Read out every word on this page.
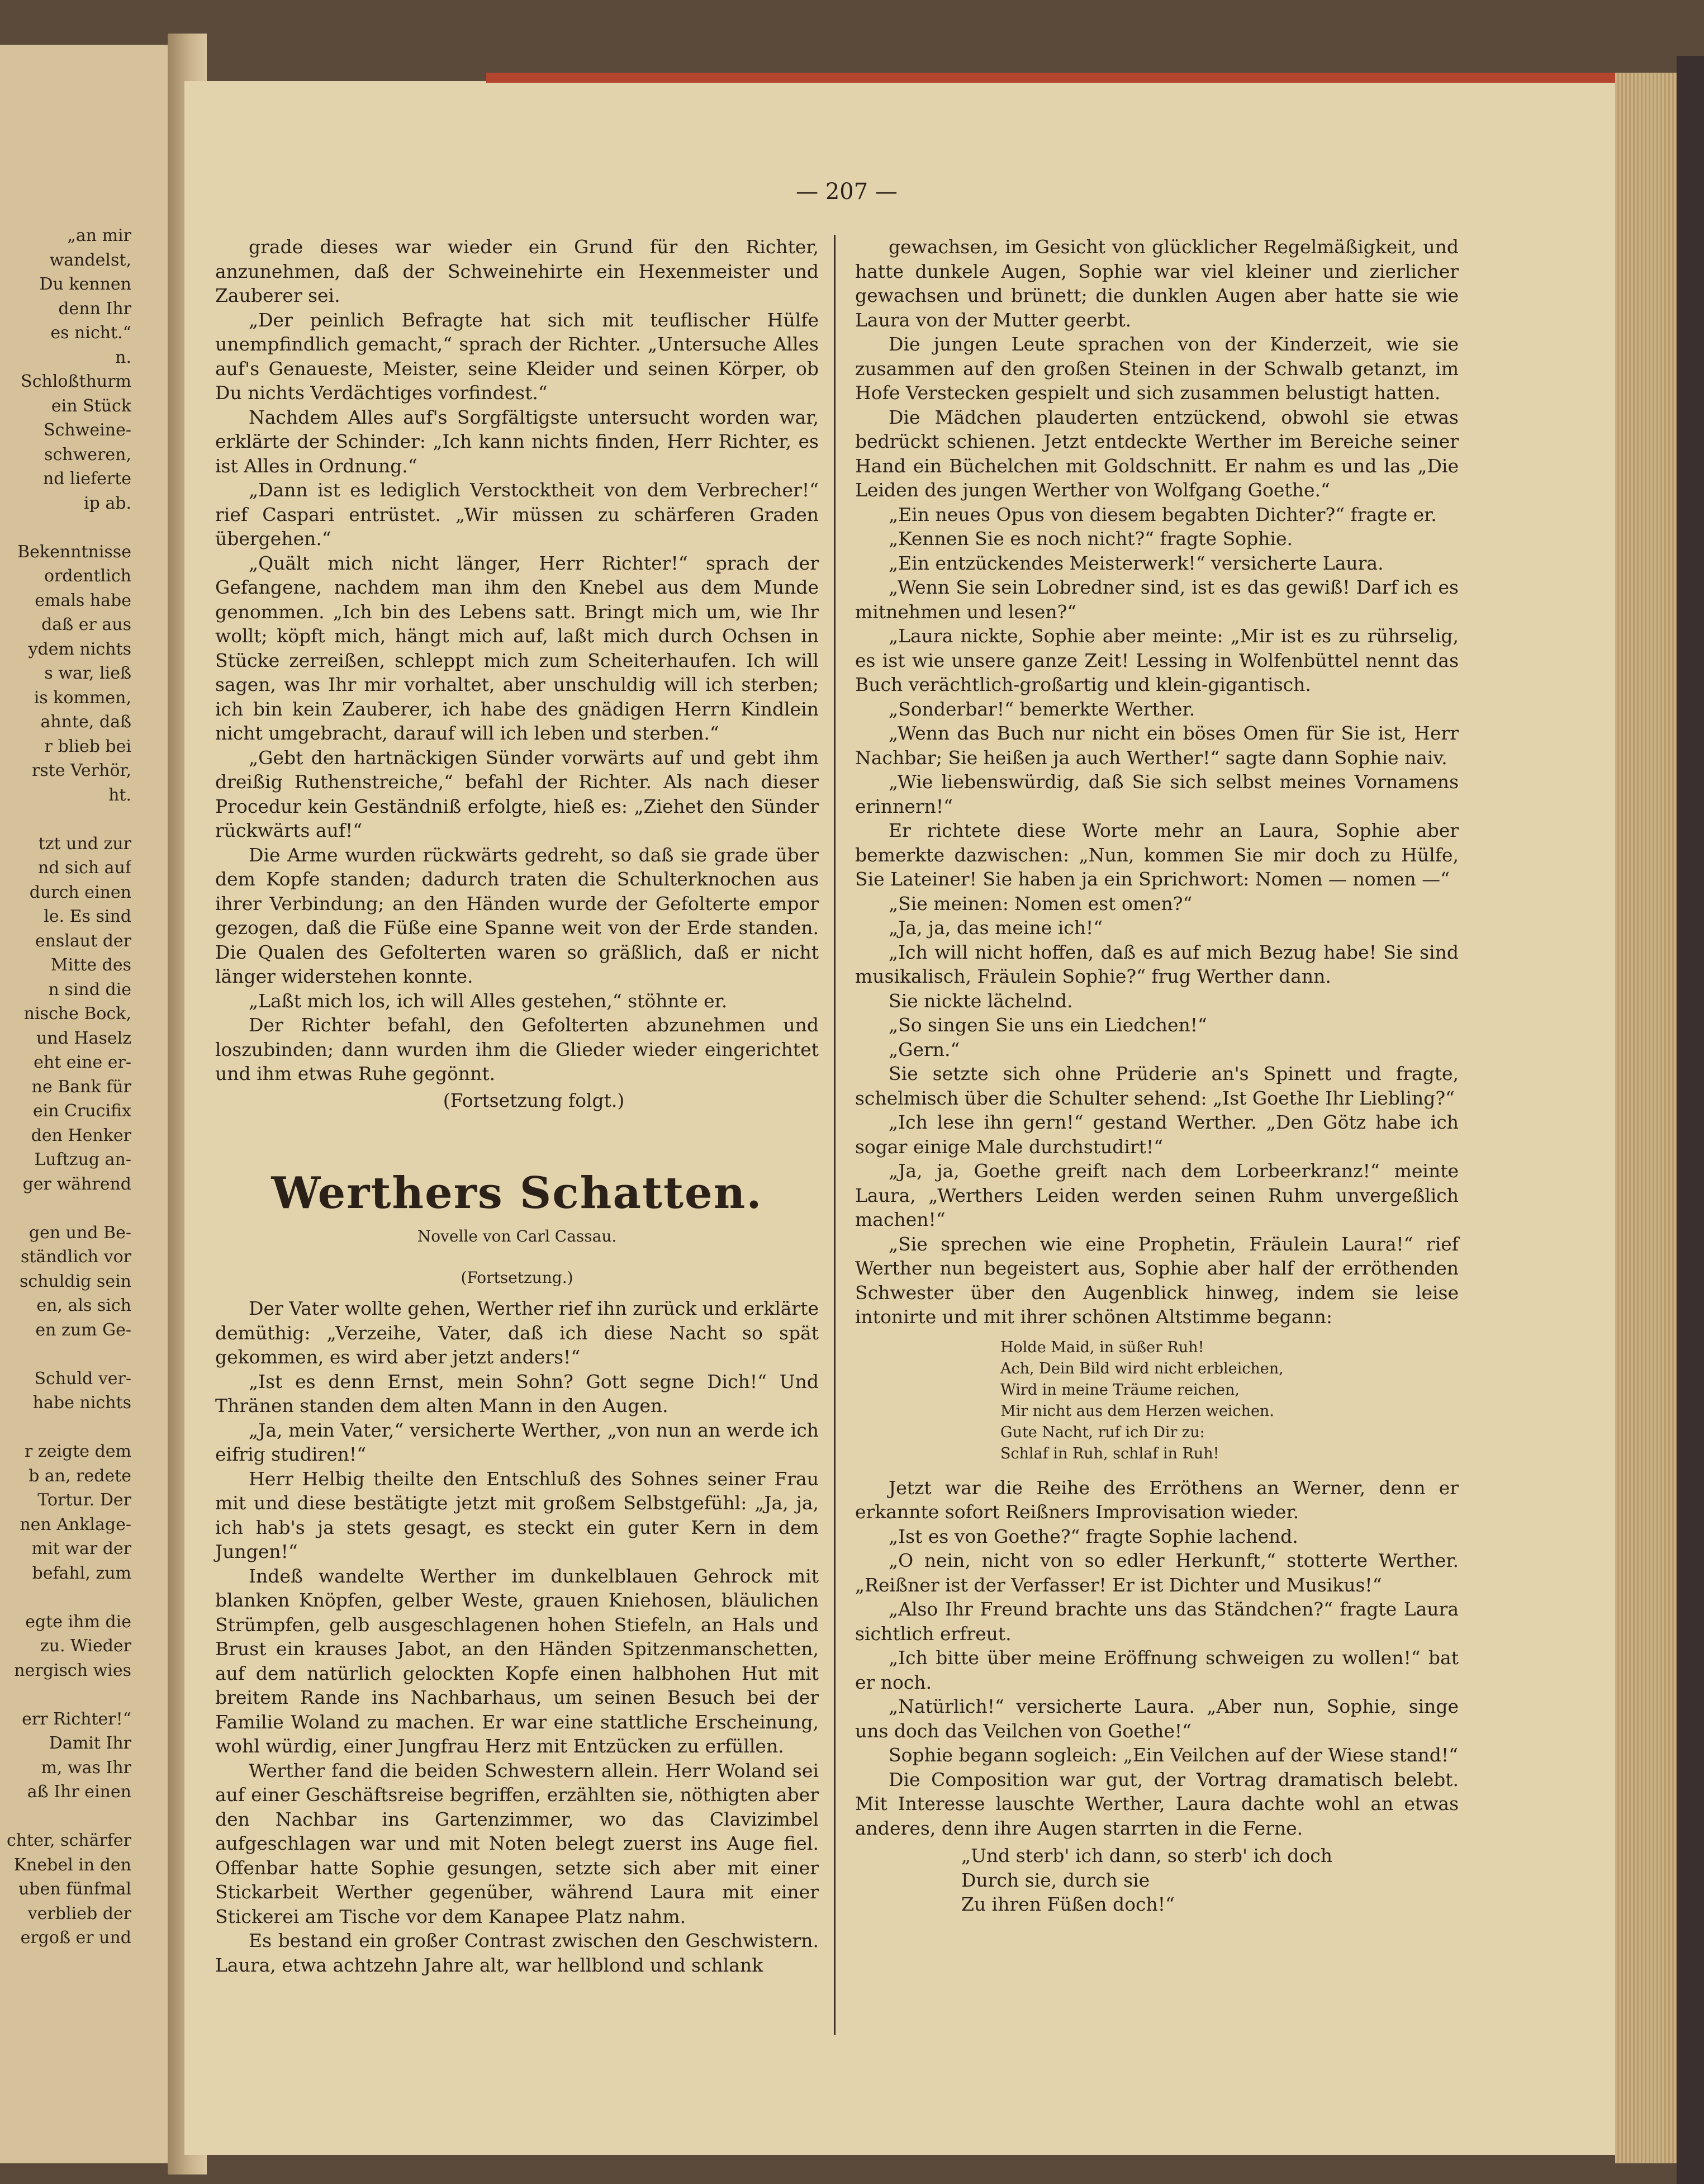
„an mir
wandelst,
Du kennen
denn Ihr
es nicht.“
n.
Schloßthurm
ein Stück
Schweine-
schweren,
nd lieferte
ip ab.

Bekenntnisse
ordentlich
emals habe
daß er aus
ydem nichts
s war, ließ
is kommen,
ahnte, daß
r blieb bei
rste Verhör,
ht.

tzt und zur
nd sich auf
durch einen
le. Es sind
enslaut der
Mitte des
n sind die
nische Bock,
und Haselz
eht eine er-
ne Bank für
ein Crucifix
den Henker
Luftzug an-
ger während

gen und Be-
ständlich vor
schuldig sein
en, als sich
en zum Ge-

Schuld ver-
habe nichts

r zeigte dem
b an, redete
Tortur. Der
nen Anklage-
mit war der
befahl, zum

egte ihm die
zu. Wieder
nergisch wies

err Richter!“
Damit Ihr
m, was Ihr
aß Ihr einen

chter, schärfer
Knebel in den
uben fünfmal
verblieb der
ergoß er und
— 207 —

grade dieses war wieder ein Grund für den Richter, anzunehmen, daß der Schweinehirte ein Hexenmeister und Zauberer sei.

„Der peinlich Befragte hat sich mit teuflischer Hülfe unempfindlich gemacht,“ sprach der Richter. „Untersuche Alles auf's Genaueste, Meister, seine Kleider und seinen Körper, ob Du nichts Verdächtiges vorfindest.“

Nachdem Alles auf's Sorgfältigste untersucht worden war, erklärte der Schinder: „Ich kann nichts finden, Herr Richter, es ist Alles in Ordnung.“

„Dann ist es lediglich Verstocktheit von dem Verbrecher!“ rief Caspari entrüstet. „Wir müssen zu schärferen Graden übergehen.“

„Quält mich nicht länger, Herr Richter!“ sprach der Gefangene, nachdem man ihm den Knebel aus dem Munde genommen. „Ich bin des Lebens satt. Bringt mich um, wie Ihr wollt; köpft mich, hängt mich auf, laßt mich durch Ochsen in Stücke zerreißen, schleppt mich zum Scheiterhaufen. Ich will sagen, was Ihr mir vorhaltet, aber unschuldig will ich sterben; ich bin kein Zauberer, ich habe des gnädigen Herrn Kindlein nicht umgebracht, darauf will ich leben und sterben.“

„Gebt den hartnäckigen Sünder vorwärts auf und gebt ihm dreißig Ruthenstreiche,“ befahl der Richter. Als nach dieser Procedur kein Geständniß erfolgte, hieß es: „Ziehet den Sünder rückwärts auf!“

Die Arme wurden rückwärts gedreht, so daß sie grade über dem Kopfe standen; dadurch traten die Schulterknochen aus ihrer Verbindung; an den Händen wurde der Gefolterte empor gezogen, daß die Füße eine Spanne weit von der Erde standen. Die Qualen des Gefolterten waren so gräßlich, daß er nicht länger widerstehen konnte.

„Laßt mich los, ich will Alles gestehen,“ stöhnte er.

Der Richter befahl, den Gefolterten abzunehmen und loszubinden; dann wurden ihm die Glieder wieder eingerichtet und ihm etwas Ruhe gegönnt.

(Fortsetzung folgt.)

Werthers Schatten.
Novelle von Carl Cassau.
(Fortsetzung.)

Der Vater wollte gehen, Werther rief ihn zurück und erklärte demüthig: „Verzeihe, Vater, daß ich diese Nacht so spät gekommen, es wird aber jetzt anders!“

„Ist es denn Ernst, mein Sohn? Gott segne Dich!“ Und Thränen standen dem alten Mann in den Augen.

„Ja, mein Vater,“ versicherte Werther, „von nun an werde ich eifrig studiren!“

Herr Helbig theilte den Entschluß des Sohnes seiner Frau mit und diese bestätigte jetzt mit großem Selbstgefühl: „Ja, ja, ich hab's ja stets gesagt, es steckt ein guter Kern in dem Jungen!“

Indeß wandelte Werther im dunkelblauen Gehrock mit blanken Knöpfen, gelber Weste, grauen Kniehosen, bläulichen Strümpfen, gelb ausgeschlagenen hohen Stiefeln, an Hals und Brust ein krauses Jabot, an den Händen Spitzenmanschetten, auf dem natürlich gelockten Kopfe einen halbhohen Hut mit breitem Rande ins Nachbarhaus, um seinen Besuch bei der Familie Woland zu machen. Er war eine stattliche Erscheinung, wohl würdig, einer Jungfrau Herz mit Entzücken zu erfüllen.

Werther fand die beiden Schwestern allein. Herr Woland sei auf einer Geschäftsreise begriffen, erzählten sie, nöthigten aber den Nachbar ins Gartenzimmer, wo das Clavizimbel aufgeschlagen war und mit Noten belegt zuerst ins Auge fiel. Offenbar hatte Sophie gesungen, setzte sich aber mit einer Stickarbeit Werther gegenüber, während Laura mit einer Stickerei am Tische vor dem Kanapee Platz nahm.

Es bestand ein großer Contrast zwischen den Geschwistern. Laura, etwa achtzehn Jahre alt, war hellblond und schlank

gewachsen, im Gesicht von glücklicher Regelmäßigkeit, und hatte dunkele Augen, Sophie war viel kleiner und zierlicher gewachsen und brünett; die dunklen Augen aber hatte sie wie Laura von der Mutter geerbt.

Die jungen Leute sprachen von der Kinderzeit, wie sie zusammen auf den großen Steinen in der Schwalb getanzt, im Hofe Verstecken gespielt und sich zusammen belustigt hatten.

Die Mädchen plauderten entzückend, obwohl sie etwas bedrückt schienen. Jetzt entdeckte Werther im Bereiche seiner Hand ein Büchelchen mit Goldschnitt. Er nahm es und las „Die Leiden des jungen Werther von Wolfgang Goethe.“

„Ein neues Opus von diesem begabten Dichter?“ fragte er.

„Kennen Sie es noch nicht?“ fragte Sophie.

„Ein entzückendes Meisterwerk!“ versicherte Laura.

„Wenn Sie sein Lobredner sind, ist es das gewiß! Darf ich es mitnehmen und lesen?“

„Laura nickte, Sophie aber meinte: „Mir ist es zu rührselig, es ist wie unsere ganze Zeit! Lessing in Wolfenbüttel nennt das Buch verächtlich-großartig und klein-gigantisch.

„Sonderbar!“ bemerkte Werther.

„Wenn das Buch nur nicht ein böses Omen für Sie ist, Herr Nachbar; Sie heißen ja auch Werther!“ sagte dann Sophie naiv.

„Wie liebenswürdig, daß Sie sich selbst meines Vornamens erinnern!“

Er richtete diese Worte mehr an Laura, Sophie aber bemerkte dazwischen: „Nun, kommen Sie mir doch zu Hülfe, Sie Lateiner! Sie haben ja ein Sprichwort: Nomen — nomen —“

„Sie meinen: Nomen est omen?“

„Ja, ja, das meine ich!“

„Ich will nicht hoffen, daß es auf mich Bezug habe! Sie sind musikalisch, Fräulein Sophie?“ frug Werther dann.

Sie nickte lächelnd.

„So singen Sie uns ein Liedchen!“

„Gern.“

Sie setzte sich ohne Prüderie an's Spinett und fragte, schelmisch über die Schulter sehend: „Ist Goethe Ihr Liebling?“

„Ich lese ihn gern!“ gestand Werther. „Den Götz habe ich sogar einige Male durchstudirt!“

„Ja, ja, Goethe greift nach dem Lorbeerkranz!“ meinte Laura, „Werthers Leiden werden seinen Ruhm unvergeßlich machen!“

„Sie sprechen wie eine Prophetin, Fräulein Laura!“ rief Werther nun begeistert aus, Sophie aber half der erröthenden Schwester über den Augenblick hinweg, indem sie leise intonirte und mit ihrer schönen Altstimme begann:

Holde Maid, in süßer Ruh!
Ach, Dein Bild wird nicht erbleichen,
Wird in meine Träume reichen,
Mir nicht aus dem Herzen weichen.
Gute Nacht, ruf ich Dir zu:
Schlaf in Ruh, schlaf in Ruh!

Jetzt war die Reihe des Erröthens an Werner, denn er erkannte sofort Reißners Improvisation wieder.

„Ist es von Goethe?“ fragte Sophie lachend.

„O nein, nicht von so edler Herkunft,“ stotterte Werther. „Reißner ist der Verfasser! Er ist Dichter und Musikus!“

„Also Ihr Freund brachte uns das Ständchen?“ fragte Laura sichtlich erfreut.

„Ich bitte über meine Eröffnung schweigen zu wollen!“ bat er noch.

„Natürlich!“ versicherte Laura. „Aber nun, Sophie, singe uns doch das Veilchen von Goethe!“

Sophie begann sogleich: „Ein Veilchen auf der Wiese stand!“

Die Composition war gut, der Vortrag dramatisch belebt. Mit Interesse lauschte Werther, Laura dachte wohl an etwas anderes, denn ihre Augen starrten in die Ferne.

„Und sterb' ich dann, so sterb' ich doch
Durch sie, durch sie
Zu ihren Füßen doch!“
